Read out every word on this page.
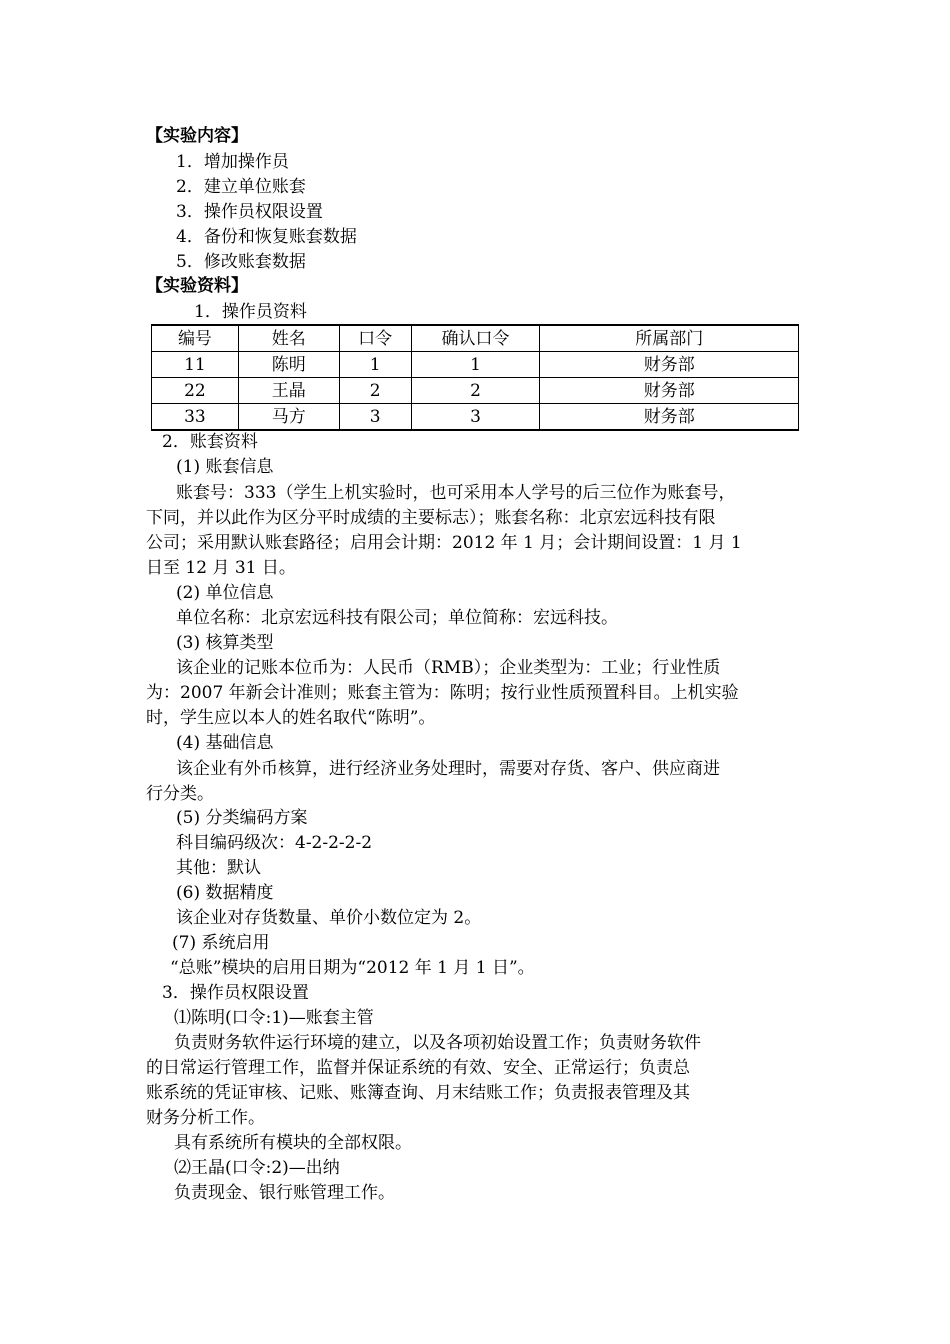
【实验内容】
1．增加操作员
2．建立单位账套
3．操作员权限设置
4．备份和恢复账套数据
5．修改账套数据
【实验资料】
1．操作员资料
编号	姓名	口令	确认口令	所属部门
11	陈明	1	1	财务部
22	王晶	2	2	财务部
33	马方	3	3	财务部
2．账套资料
(1) 账套信息
账套号：333（学生上机实验时，也可采用本人学号的后三位作为账套号，
下同，并以此作为区分平时成绩的主要标志）；账套名称：北京宏远科技有限
公司；采用默认账套路径；启用会计期：2012 年 1 月；会计期间设置：1 月 1
日至 12 月 31 日。
(2) 单位信息
单位名称：北京宏远科技有限公司；单位简称：宏远科技。
(3) 核算类型
该企业的记账本位币为：人民币（RMB）；企业类型为：工业；行业性质
为：2007 年新会计准则；账套主管为：陈明；按行业性质预置科目。上机实验
时，学生应以本人的姓名取代“陈明”。
(4) 基础信息
该企业有外币核算，进行经济业务处理时，需要对存货、客户、供应商进
行分类。
(5) 分类编码方案
科目编码级次：4-2-2-2-2
其他：默认
(6) 数据精度
该企业对存货数量、单价小数位定为 2。
(7) 系统启用
“总账”模块的启用日期为“2012 年 1 月 1 日”。
3．操作员权限设置
⑴陈明(口令:1)—账套主管
负责财务软件运行环境的建立，以及各项初始设置工作；负责财务软件
的日常运行管理工作，监督并保证系统的有效、安全、正常运行；负责总
账系统的凭证审核、记账、账簿查询、月末结账工作；负责报表管理及其
财务分析工作。
具有系统所有模块的全部权限。
⑵王晶(口令:2)—出纳
负责现金、银行账管理工作。
